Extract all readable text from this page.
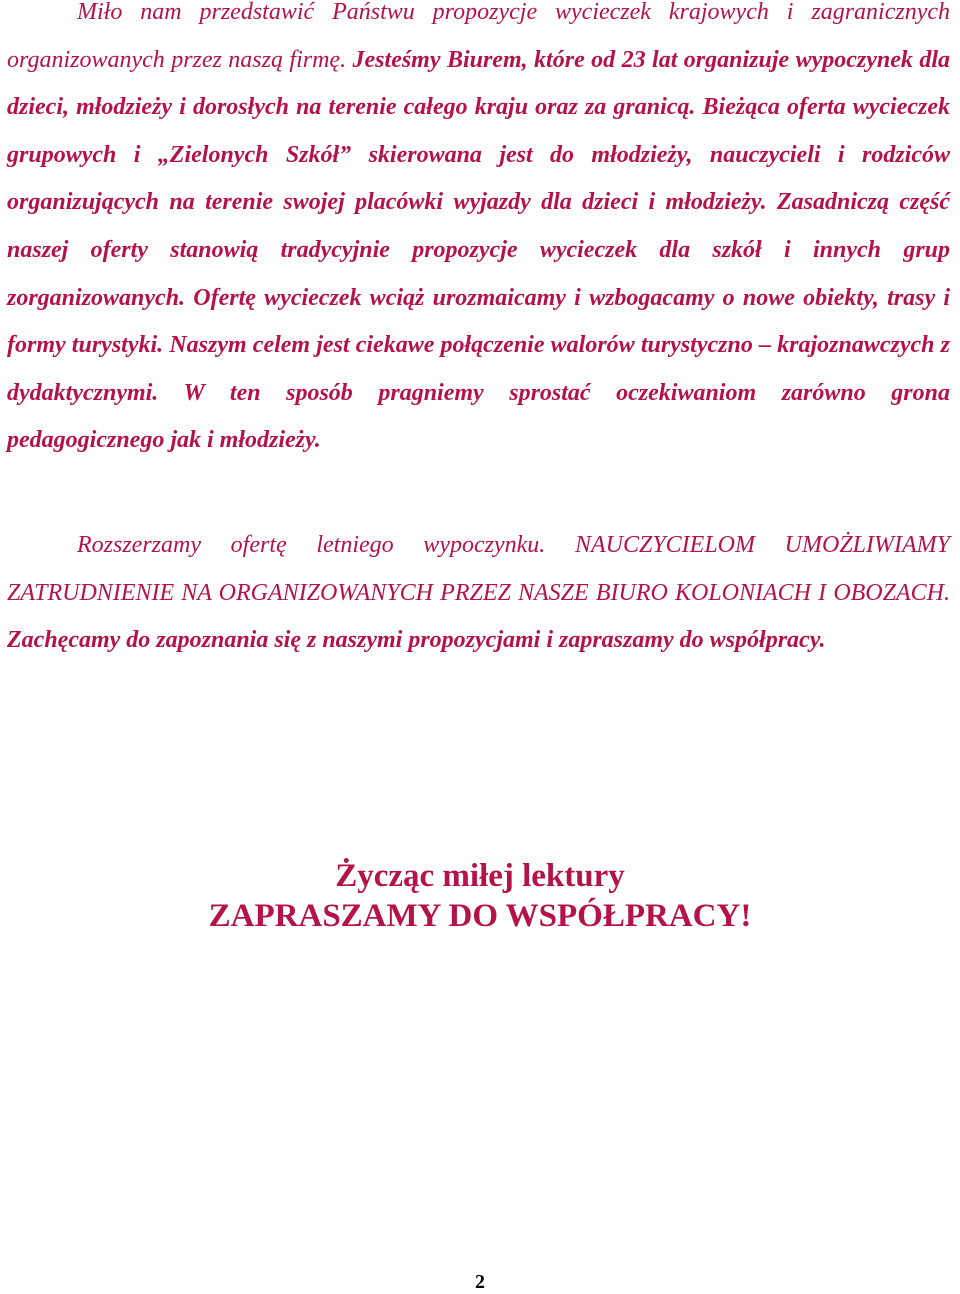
Miło nam przedstawić Państwu propozycje wycieczek krajowych i zagranicznych organizowanych przez naszą firmę. Jesteśmy Biurem, które od 23 lat organizuje wypoczynek dla dzieci, młodzieży i dorosłych na terenie całego kraju oraz za granicą. Bieżąca oferta wycieczek grupowych i „Zielonych Szkół” skierowana jest do młodzieży, nauczycieli i rodziców organizujących na terenie swojej placówki wyjazdy dla dzieci i młodzieży. Zasadniczą część naszej oferty stanowią tradycyjnie propozycje wycieczek dla szkół i innych grup zorganizowanych. Ofertę wycieczek wciąż urozmaicamy i wzbogacamy o nowe obiekty, trasy i formy turystyki. Naszym celem jest ciekawe połączenie walorów turystyczno – krajoznawczych z dydaktycznymi. W ten sposób pragniemy sprostać oczekiwaniom zarówno grona pedagogicznego jak i młodzieży.

Rozszerzamy ofertę letniego wypoczynku. NAUCZYCIELOM UMOŻLIWIAMY ZATRUDNIENIE NA ORGANIZOWANYCH PRZEZ NASZE BIURO KOLONIACH I OBOZACH. Zachęcamy do zapoznania się z naszymi propozycjami i zapraszamy do współpracy.

Życząc miłej lektury

ZAPRASZAMY DO WSPÓŁPRACY!

2
